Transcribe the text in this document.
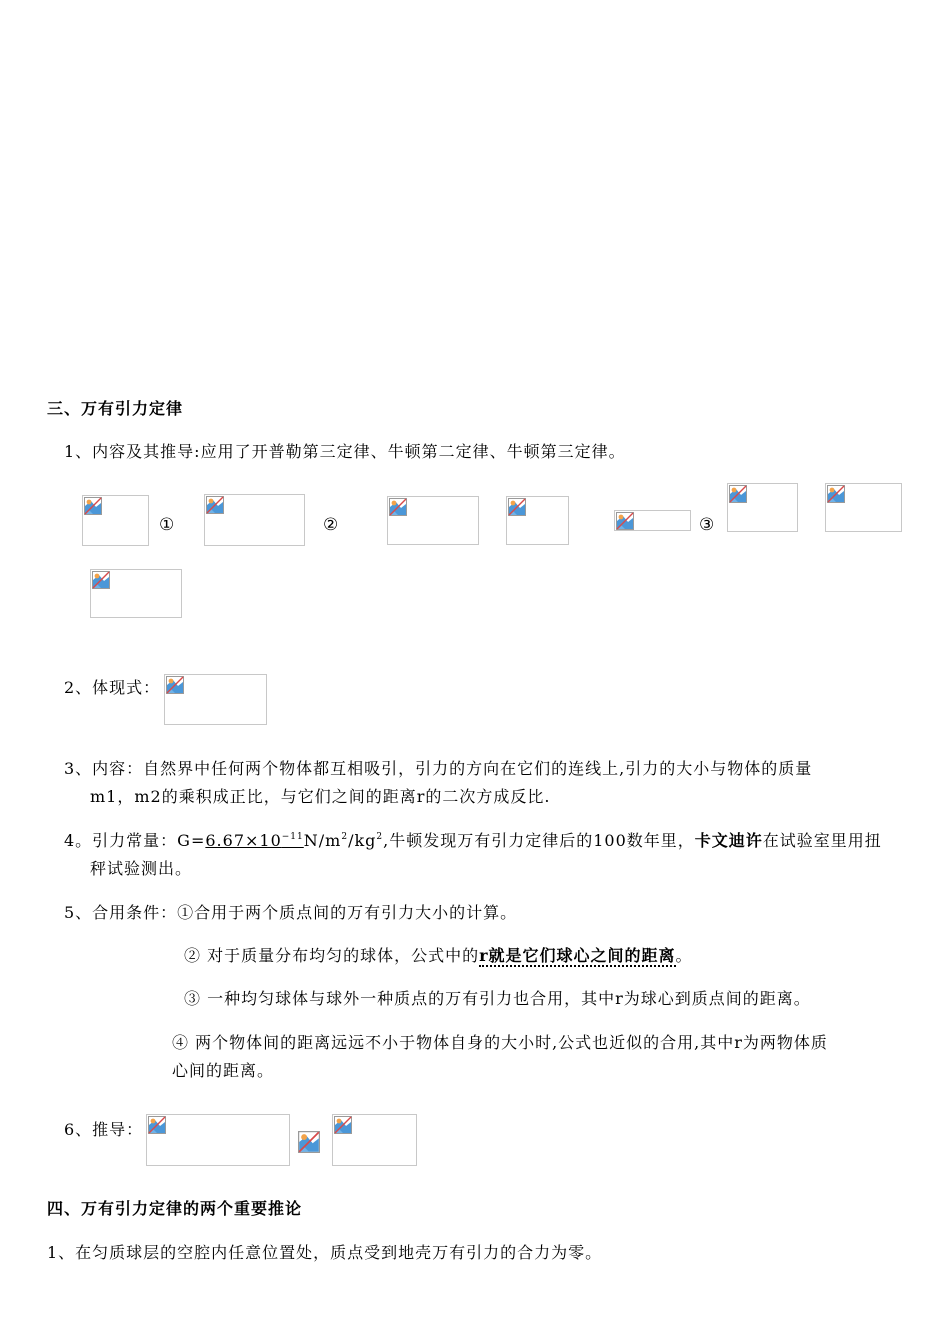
三、万有引力定律
1、内容及其推导:应用了开普勒第三定律、牛顿第二定律、牛顿第三定律。
①	②	③
2、体现式：
3、内容：自然界中任何两个物体都互相吸引，引力的方向在它们的连线上,引力的大小与物体的质量
m1，m2的乘积成正比，与它们之间的距离r的二次方成反比.
4。引力常量：$G=6.67\times 10^{-11}N/m^2/kg^2$,牛顿发现万有引力定律后的100数年里，卡文迪许在试验室里用扭
秤试验测出。
5、合用条件：①合用于两个质点间的万有引力大小的计算。
② 对于质量分布均匀的球体，公式中的r就是它们球心之间的距离。
③ 一种均匀球体与球外一种质点的万有引力也合用，其中r为球心到质点间的距离。
④ 两个物体间的距离远远不小于物体自身的大小时,公式也近似的合用,其中r为两物体质
心间的距离。
6、推导：
四、万有引力定律的两个重要推论
1、在匀质球层的空腔内任意位置处，质点受到地壳万有引力的合力为零。
